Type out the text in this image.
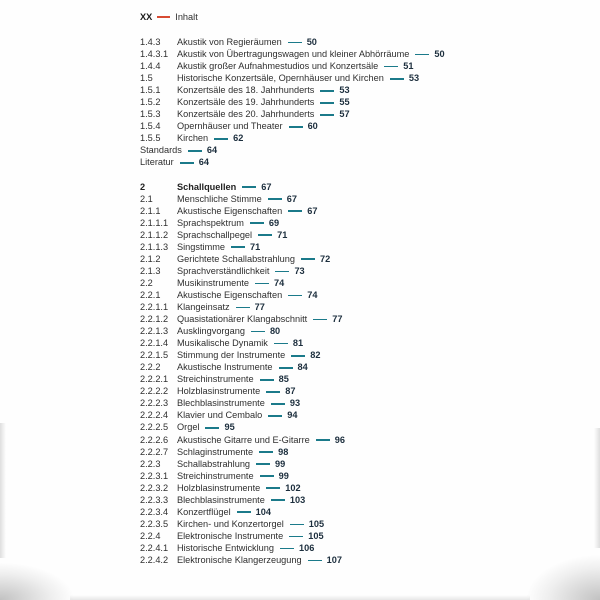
XX	Inhalt
1.4.3	Akustik von Regieräumen	50
1.4.3.1 Akustik von Übertragungswagen und kleiner Abhörräume	50
1.4.4	Akustik großer Aufnahmestudios und Konzertsäle	51
1.5	Historische Konzertsäle, Opernhäuser und Kirchen	53
1.5.1	Konzertsäle des 18. Jahrhunderts	53
1.5.2	Konzertsäle des 19. Jahrhunderts	55
1.5.3	Konzertsäle des 20. Jahrhunderts	57
1.5.4	Opernhäuser und Theater	60
1.5.5	Kirchen	62
Standards	64
Literatur	64
2	Schallquellen	67
2.1	Menschliche Stimme	67
2.1.1	Akustische Eigenschaften	67
2.1.1.1 Sprachspektrum	69
2.1.1.2 Sprachschallpegel	71
2.1.1.3 Singstimme	71
2.1.2	Gerichtete Schallabstrahlung	72
2.1.3	Sprachverständlichkeit	73
2.2	Musikinstrumente	74
2.2.1	Akustische Eigenschaften	74
2.2.1.1 Klangeinsatz	77
2.2.1.2 Quasistationärer Klangabschnitt	77
2.2.1.3 Ausklingvorgang	80
2.2.1.4 Musikalische Dynamik	81
2.2.1.5 Stimmung der Instrumente	82
2.2.2	Akustische Instrumente	84
2.2.2.1 Streichinstrumente	85
2.2.2.2 Holzblasinstrumente	87
2.2.2.3 Blechblasinstrumente	93
2.2.2.4 Klavier und Cembalo	94
2.2.2.5 Orgel	95
2.2.2.6 Akustische Gitarre und E-Gitarre	96
2.2.2.7 Schlaginstrumente	98
2.2.3	Schallabstrahlung	99
2.2.3.1 Streichinstrumente	99
2.2.3.2 Holzblasinstrumente	102
2.2.3.3 Blechblasinstrumente	103
2.2.3.4 Konzertflügel	104
2.2.3.5 Kirchen- und Konzertorgel	105
2.2.4	Elektronische Instrumente	105
2.2.4.1 Historische Entwicklung	106
2.2.4.2 Elektronische Klangerzeugung	107
